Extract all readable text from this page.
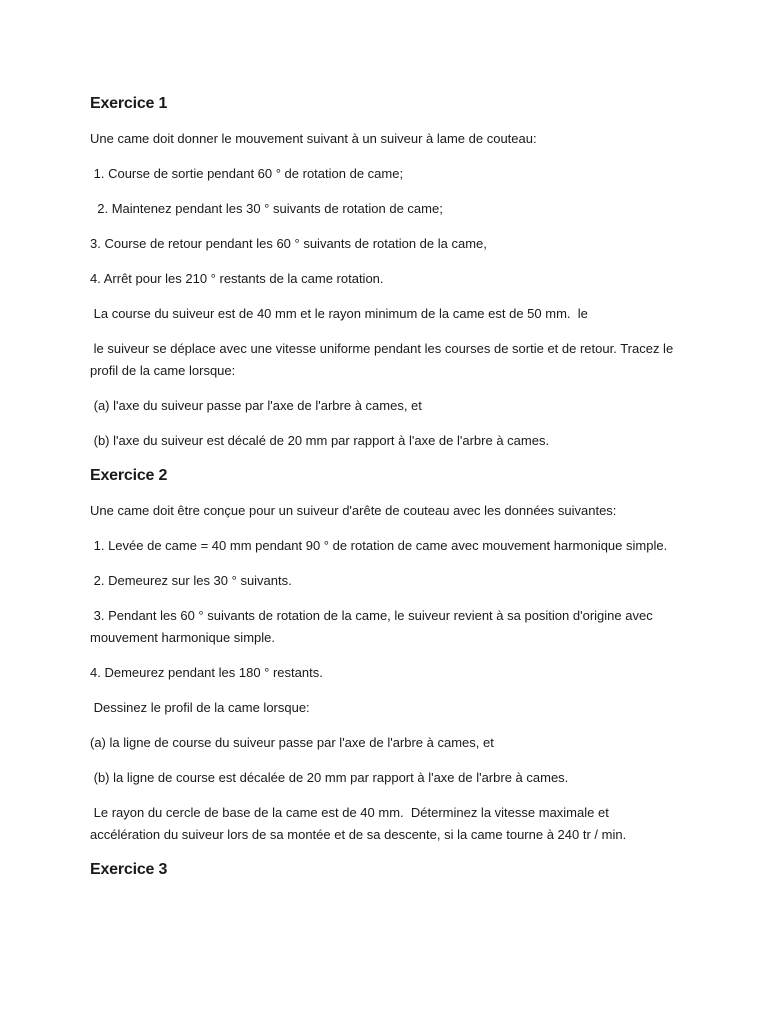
Exercice 1
Une came doit donner le mouvement suivant à un suiveur à lame de couteau:
1. Course de sortie pendant 60 ° de rotation de came;
2. Maintenez pendant les 30 ° suivants de rotation de came;
3. Course de retour pendant les 60 ° suivants de rotation de la came,
4. Arrêt pour les 210 ° restants de la came rotation.
La course du suiveur est de 40 mm et le rayon minimum de la came est de 50 mm.  le
le suiveur se déplace avec une vitesse uniforme pendant les courses de sortie et de retour. Tracez le profil de la came lorsque:
(a) l'axe du suiveur passe par l'axe de l'arbre à cames, et
(b) l'axe du suiveur est décalé de 20 mm par rapport à l'axe de l'arbre à cames.
Exercice 2
Une came doit être conçue pour un suiveur d'arête de couteau avec les données suivantes:
1. Levée de came = 40 mm pendant 90 ° de rotation de came avec mouvement harmonique simple.
2. Demeurez sur les 30 ° suivants.
3. Pendant les 60 ° suivants de rotation de la came, le suiveur revient à sa position d'origine avec mouvement harmonique simple.
4. Demeurez pendant les 180 ° restants.
Dessinez le profil de la came lorsque:
(a) la ligne de course du suiveur passe par l'axe de l'arbre à cames, et
(b) la ligne de course est décalée de 20 mm par rapport à l'axe de l'arbre à cames.
Le rayon du cercle de base de la came est de 40 mm.  Déterminez la vitesse maximale et accélération du suiveur lors de sa montée et de sa descente, si la came tourne à 240 tr / min.
Exercice 3
